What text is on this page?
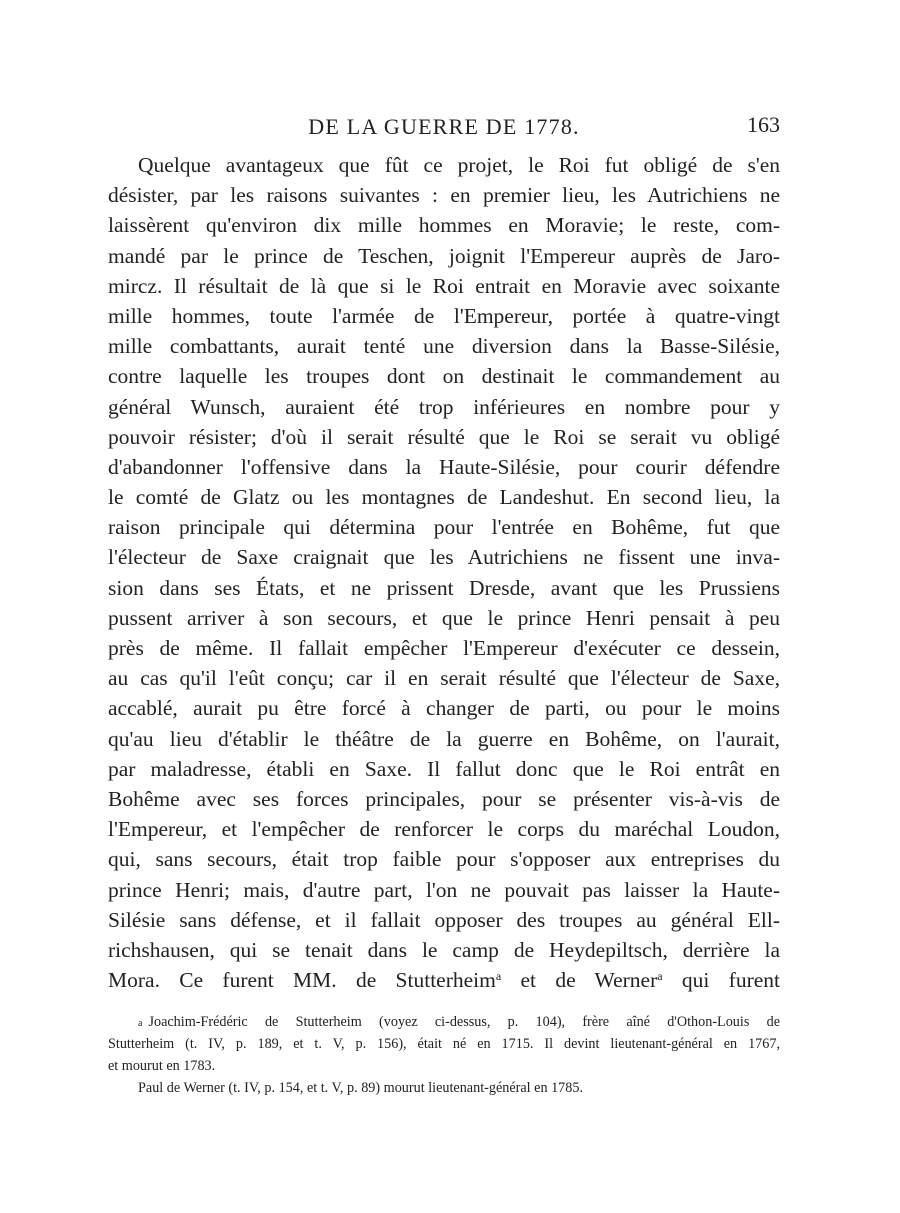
DE LA GUERRE DE 1778.	163
Quelque avantageux que fût ce projet, le Roi fut obligé de s'en
désister, par les raisons suivantes : en premier lieu, les Autrichiens ne
laissèrent qu'environ dix mille hommes en Moravie; le reste, com-
mandé par le prince de Teschen, joignit l'Empereur auprès de Jaro-
mircz. Il résultait de là que si le Roi entrait en Moravie avec soixante
mille hommes, toute l'armée de l'Empereur, portée à quatre-vingt
mille combattants, aurait tenté une diversion dans la Basse-Silésie,
contre laquelle les troupes dont on destinait le commandement au
général Wunsch, auraient été trop inférieures en nombre pour y
pouvoir résister; d'où il serait résulté que le Roi se serait vu obligé
d'abandonner l'offensive dans la Haute-Silésie, pour courir défendre
le comté de Glatz ou les montagnes de Landeshut. En second lieu, la
raison principale qui détermina pour l'entrée en Bohême, fut que
l'électeur de Saxe craignait que les Autrichiens ne fissent une inva-
sion dans ses États, et ne prissent Dresde, avant que les Prussiens
pussent arriver à son secours, et que le prince Henri pensait à peu
près de même. Il fallait empêcher l'Empereur d'exécuter ce dessein,
au cas qu'il l'eût conçu; car il en serait résulté que l'électeur de Saxe,
accablé, aurait pu être forcé à changer de parti, ou pour le moins
qu'au lieu d'établir le théâtre de la guerre en Bohême, on l'aurait,
par maladresse, établi en Saxe. Il fallut donc que le Roi entrât en
Bohême avec ses forces principales, pour se présenter vis-à-vis de
l'Empereur, et l'empêcher de renforcer le corps du maréchal Loudon,
qui, sans secours, était trop faible pour s'opposer aux entreprises du
prince Henri; mais, d'autre part, l'on ne pouvait pas laisser la Haute-
Silésie sans défense, et il fallait opposer des troupes au général Ell-
richshausen, qui se tenait dans le camp de Heydepiltsch, derrière la
Mora. Ce furent MM. de Stutterheim$^a$ et de Werner$^a$ qui furent
a Joachim-Frédéric de Stutterheim (voyez ci-dessus, p. 104), frère aîné d'Othon-Louis de
Stutterheim (t. IV, p. 189, et t. V, p. 156), était né en 1715. Il devint lieutenant-général en 1767,
et mourut en 1783.
Paul de Werner (t. IV, p. 154, et t. V, p. 89) mourut lieutenant-général en 1785.
